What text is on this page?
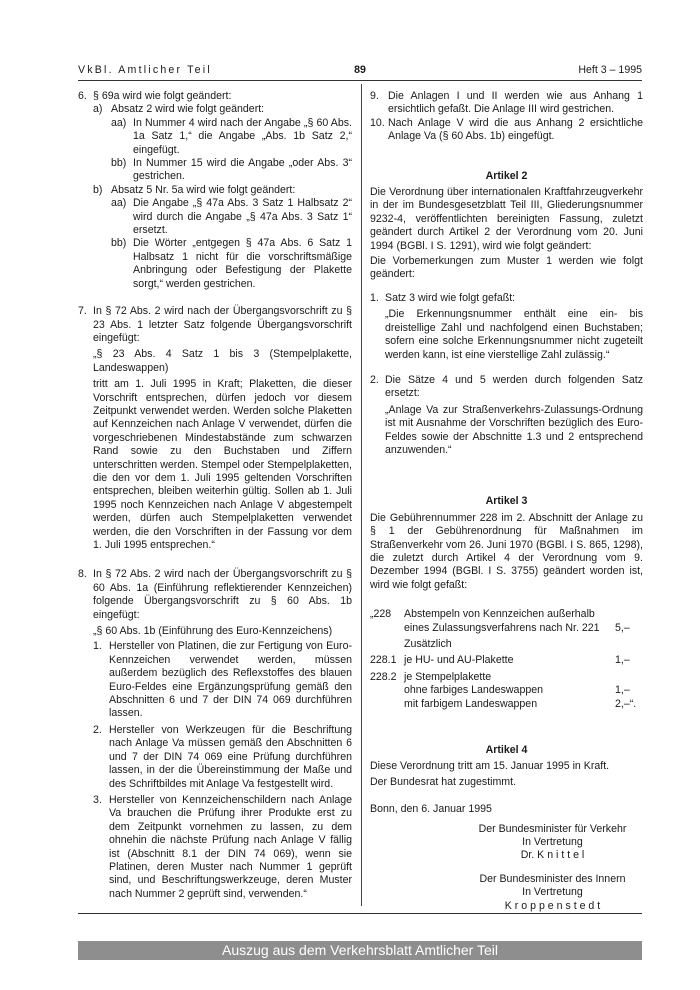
VkBl. Amtlicher Teil	89	Heft 3 – 1995
6. § 69a wird wie folgt geändert:
a) Absatz 2 wird wie folgt geändert:
aa) In Nummer 4 wird nach der Angabe „§ 60 Abs. 1a Satz 1,“ die Angabe „Abs. 1b Satz 2,“ eingefügt.
bb) In Nummer 15 wird die Angabe „oder Abs. 3“ gestrichen.
b) Absatz 5 Nr. 5a wird wie folgt geändert:
aa) Die Angabe „§ 47a Abs. 3 Satz 1 Halbsatz 2“ wird durch die Angabe „§ 47a Abs. 3 Satz 1“ ersetzt.
bb) Die Wörter „entgegen § 47a Abs. 6 Satz 1 Halbsatz 1 nicht für die vorschriftsmäßige Anbringung oder Befestigung der Plakette sorgt,“ werden gestrichen.
7. In § 72 Abs. 2 wird nach der Übergangsvorschrift zu § 23 Abs. 1 letzter Satz folgende Übergangsvorschrift eingefügt:
„§ 23 Abs. 4 Satz 1 bis 3 (Stempelplakette, Landeswappen)
tritt am 1. Juli 1995 in Kraft; Plaketten, die dieser Vorschrift entsprechen, dürfen jedoch vor diesem Zeitpunkt verwendet werden. Werden solche Plaketten auf Kennzeichen nach Anlage V verwendet, dürfen die vorgeschriebenen Mindestabstände zum schwarzen Rand sowie zu den Buchstaben und Ziffern unterschritten werden. Stempel oder Stempelplaketten, die den vor dem 1. Juli 1995 geltenden Vorschriften entsprechen, bleiben weiterhin gültig. Sollen ab 1. Juli 1995 noch Kennzeichen nach Anlage V abgestempelt werden, dürfen auch Stempelplaketten verwendet werden, die den Vorschriften in der Fassung vor dem 1. Juli 1995 entsprechen.“
8. In § 72 Abs. 2 wird nach der Übergangsvorschrift zu § 60 Abs. 1a (Einführung reflektierender Kennzeichen) folgende Übergangsvorschrift zu § 60 Abs. 1b eingefügt:
„§ 60 Abs. 1b (Einführung des Euro-Kennzeichens)
1. Hersteller von Platinen, die zur Fertigung von Euro-Kennzeichen verwendet werden, müssen außerdem bezüglich des Reflexstoffes des blauen Euro-Feldes eine Ergänzungsprüfung gemäß den Abschnitten 6 und 7 der DIN 74 069 durchführen lassen.
2. Hersteller von Werkzeugen für die Beschriftung nach Anlage Va müssen gemäß den Abschnitten 6 und 7 der DIN 74 069 eine Prüfung durchführen lassen, in der die Übereinstimmung der Maße und des Schriftbildes mit Anlage Va festgestellt wird.
3. Hersteller von Kennzeichenschildern nach Anlage Va brauchen die Prüfung ihrer Produkte erst zu dem Zeitpunkt vornehmen zu lassen, zu dem ohnehin die nächste Prüfung nach Anlage V fällig ist (Abschnitt 8.1 der DIN 74 069), wenn sie Platinen, deren Muster nach Nummer 1 geprüft sind, und Beschriftungswerkzeuge, deren Muster nach Nummer 2 geprüft sind, verwenden.“
9. Die Anlagen I und II werden wie aus Anhang 1 ersichtlich gefaßt. Die Anlage III wird gestrichen.
10. Nach Anlage V wird die aus Anhang 2 ersichtliche Anlage Va (§ 60 Abs. 1b) eingefügt.
Artikel 2
Die Verordnung über internationalen Kraftfahrzeugverkehr in der im Bundesgesetzblatt Teil III, Gliederungsnummer 9232-4, veröffentlichten bereinigten Fassung, zuletzt geändert durch Artikel 2 der Verordnung vom 20. Juni 1994 (BGBl. I S. 1291), wird wie folgt geändert:
Die Vorbemerkungen zum Muster 1 werden wie folgt geändert:
1. Satz 3 wird wie folgt gefaßt:
„Die Erkennungsnummer enthält eine ein- bis dreistellige Zahl und nachfolgend einen Buchstaben; sofern eine solche Erkennungsnummer nicht zugeteilt werden kann, ist eine vierstellige Zahl zulässig.“
2. Die Sätze 4 und 5 werden durch folgenden Satz ersetzt:
„Anlage Va zur Straßenverkehrs-Zulassungs-Ordnung ist mit Ausnahme der Vorschriften bezüglich des Euro-Feldes sowie der Abschnitte 1.3 und 2 entsprechend anzuwenden.“
Artikel 3
Die Gebührennummer 228 im 2. Abschnitt der Anlage zu § 1 der Gebührenordnung für Maßnahmen im Straßenverkehr vom 26. Juni 1970 (BGBl. I S. 865, 1298), die zuletzt durch Artikel 4 der Verordnung vom 9. Dezember 1994 (BGBl. I S. 3755) geändert worden ist, wird wie folgt gefaßt:
„228	Abstempeln von Kennzeichen außerhalb eines Zulassungsverfahrens nach Nr. 221	5,–
	Zusätzlich	
228.1	je HU- und AU-Plakette	1,–
228.2	je Stempelplakette	
	ohne farbiges Landeswappen	1,–
	mit farbigem Landeswappen	2,–“.
Artikel 4
Diese Verordnung tritt am 15. Januar 1995 in Kraft.
Der Bundesrat hat zugestimmt.
Bonn, den 6. Januar 1995
Der Bundesminister für Verkehr
In Vertretung
Dr. K n i t t e l
Der Bundesminister des Innern
In Vertretung
K r o p p e n s t e d t
Auszug aus dem Verkehrsblatt Amtlicher Teil
